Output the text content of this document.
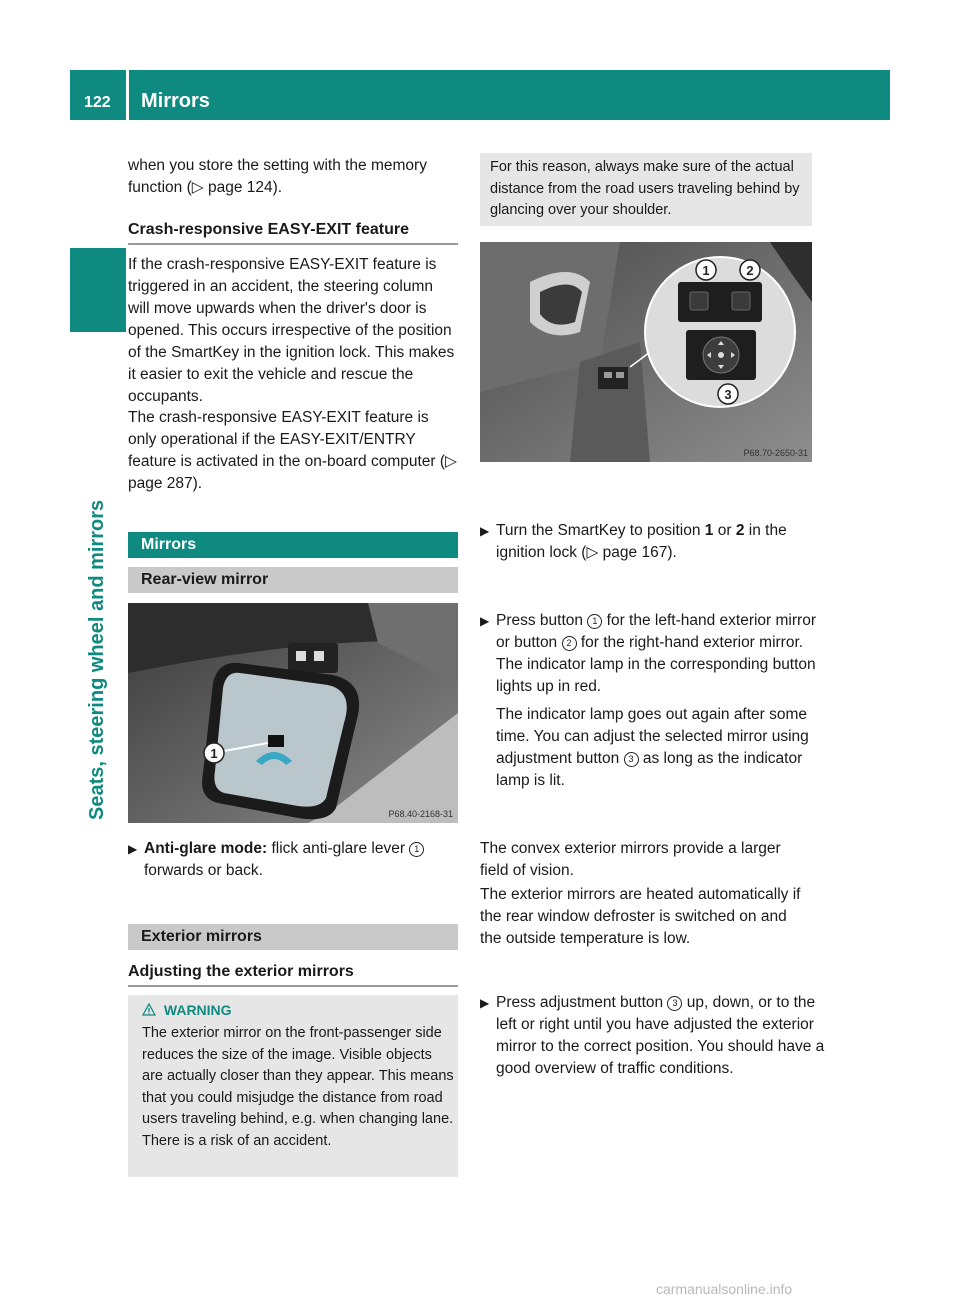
122 Mirrors
Seats, steering wheel and mirrors

when you store the setting with the memory function (▷ page 124).

Crash-responsive EASY-EXIT feature

If the crash-responsive EASY-EXIT feature is triggered in an accident, the steering column will move upwards when the driver's door is opened. This occurs irrespective of the position of the SmartKey in the ignition lock. This makes it easier to exit the vehicle and rescue the occupants.

The crash-responsive EASY-EXIT feature is only operational if the EASY-EXIT/ENTRY feature is activated in the on-board computer (▷ page 287).

Mirrors
Rear-view mirror
1
P68.40-2168-31
▶ Anti-glare mode: flick anti-glare lever 1 forwards or back.
Exterior mirrors
Adjusting the exterior mirrors
WARNING

The exterior mirror on the front-passenger side reduces the size of the image. Visible objects are actually closer than they appear. This means that you could misjudge the distance from road users traveling behind, e.g. when changing lane. There is a risk of an accident.

For this reason, always make sure of the actual distance from the road users traveling behind by glancing over your shoulder.

1	2
3
P68.70-2650-31
▶ Turn the SmartKey to position 1 or 2 in the ignition lock (▷ page 167).
▶ Press button 1 for the left-hand exterior mirror or button 2 for the right-hand exterior mirror.

The indicator lamp in the corresponding button lights up in red.

The indicator lamp goes out again after some time. You can adjust the selected mirror using adjustment button 3 as long as the indicator lamp is lit.

▶ Press adjustment button 3 up, down, or to the left or right until you have adjusted the exterior mirror to the correct position. You should have a good overview of traffic conditions.

The convex exterior mirrors provide a larger field of vision.

The exterior mirrors are heated automatically if the rear window defroster is switched on and the outside temperature is low.

carmanualsonline.info
